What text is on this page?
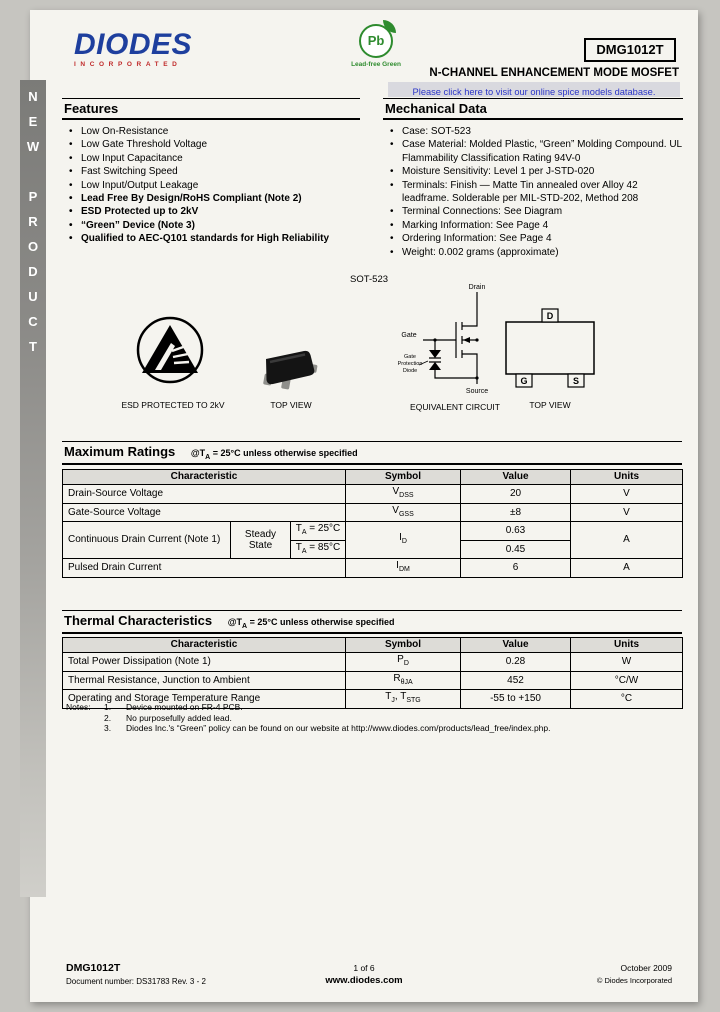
NEW PRODUCT
DIODES
INCORPORATED
Pb
Lead-free Green
DMG1012T
N-CHANNEL ENHANCEMENT MODE MOSFET
Please click here to visit our online spice models database.
Features
• Low On-Resistance
• Low Gate Threshold Voltage
• Low Input Capacitance
• Fast Switching Speed
• Low Input/Output Leakage
• Lead Free By Design/RoHS Compliant (Note 2)
• ESD Protected up to 2kV
• “Green” Device (Note 3)
• Qualified to AEC-Q101 standards for High Reliability
Mechanical Data
• Case: SOT-523
• Case Material: Molded Plastic, “Green” Molding Compound. UL Flammability Classification Rating 94V-0
• Moisture Sensitivity: Level 1 per J-STD-020
• Terminals: Finish — Matte Tin annealed over Alloy 42 leadframe. Solderable per MIL-STD-202, Method 208
• Terminal Connections: See Diagram
• Marking Information: See Page 4
• Ordering Information: See Page 4
• Weight: 0.002 grams (approximate)
SOT-523
ESD PROTECTED TO 2kV	TOP VIEW
Drain
Gate
Source
Gate
Protection
Diode
EQUIVALENT CIRCUIT
D
G	S
TOP VIEW
Maximum Ratings $@T_A = 25^\circ C$ unless otherwise specified
Characteristic			Symbol	Value	Units
Drain-Source Voltage			$V_{DSS}$	20	V
Gate-Source Voltage			$V_{GSS}$	±8	V
Continuous Drain Current (Note 1)	Steady State	$T_A = 25^\circ C$	$I_D$	0.63	A
		$T_A = 85^\circ C$		0.45	
Pulsed Drain Current			$I_{DM}$	6	A
Thermal Characteristics $@T_A = 25^\circ C$ unless otherwise specified
Characteristic	Symbol	Value	Units
Total Power Dissipation (Note 1)	$P_D$	0.28	W
Thermal Resistance, Junction to Ambient	$R_{\theta JA}$	452	°C/W
Operating and Storage Temperature Range	$T_J$, $T_{STG}$	-55 to +150	°C
Notes:	1.	Device mounted on FR-4 PCB.
2.	No purposefully added lead.
3.	Diodes Inc.'s “Green” policy can be found on our website at http://www.diodes.com/products/lead_free/index.php.
DMG1012T
Document number: DS31783 Rev. 3 - 2
1 of 6
www.diodes.com
October 2009
© Diodes Incorporated
